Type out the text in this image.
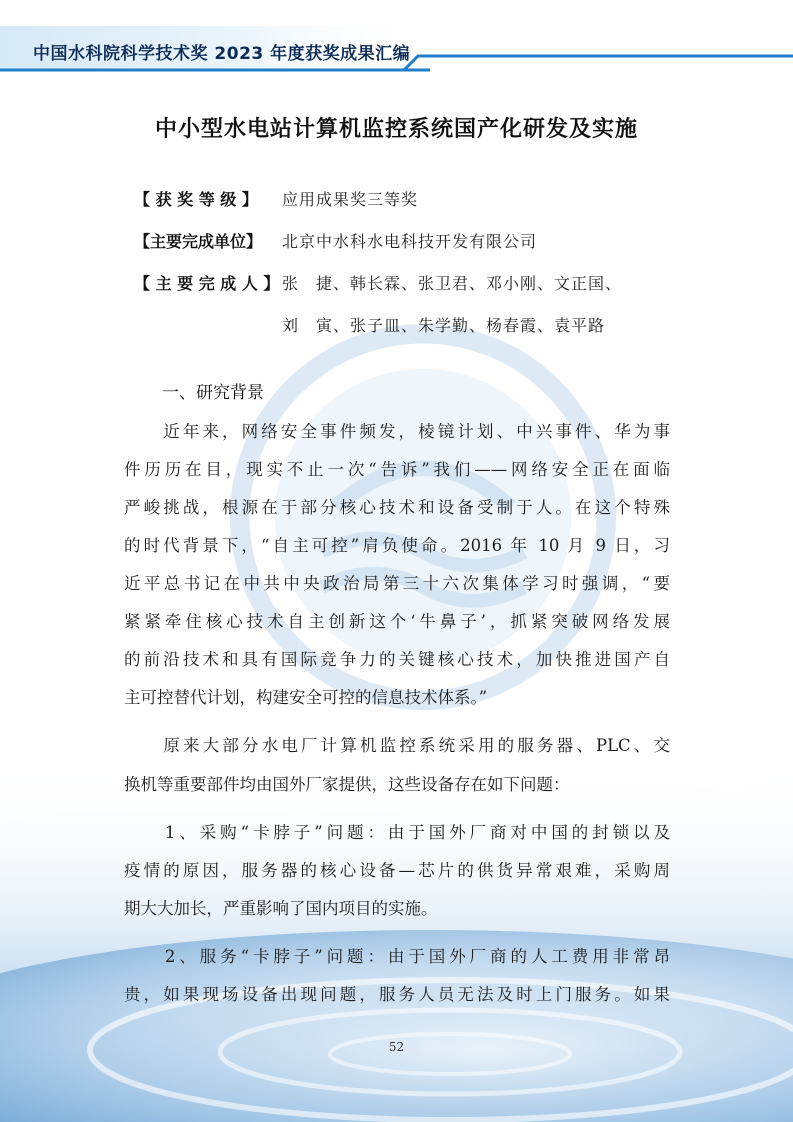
中国水科院科学技术奖 2023 年度获奖成果汇编
中小型水电站计算机监控系统国产化研发及实施
【 获 奖 等 级 】 应用成果奖三等奖
【主要完成单位】 北京中水科水电科技开发有限公司
【 主 要 完 成 人 】 张　捷、韩长霖、张卫君、邓小刚、文正国、
刘　寅、张子皿、朱学勤、杨春霞、袁平路
一、研究背景
　　近年来，网络安全事件频发，棱镜计划、中兴事件、华为事
件历历在目，现实不止一次“告诉”我们——网络安全正在面临
严峻挑战，根源在于部分核心技术和设备受制于人。在这个特殊
的时代背景下，“自主可控”肩负使命。2016 年 10 月 9 日，习
近平总书记在中共中央政治局第三十六次集体学习时强调，“要
紧紧牵住核心技术自主创新这个‘牛鼻子’，抓紧突破网络发展
的前沿技术和具有国际竞争力的关键核心技术，加快推进国产自
主可控替代计划，构建安全可控的信息技术体系。”
　　原来大部分水电厂计算机监控系统采用的服务器、PLC、交
换机等重要部件均由国外厂家提供，这些设备存在如下问题：
　　1、采购“卡脖子”问题：由于国外厂商对中国的封锁以及
疫情的原因，服务器的核心设备—芯片的供货异常艰难，采购周
期大大加长，严重影响了国内项目的实施。
　　2、服务“卡脖子”问题：由于国外厂商的人工费用非常昂
贵，如果现场设备出现问题，服务人员无法及时上门服务。如果
52
